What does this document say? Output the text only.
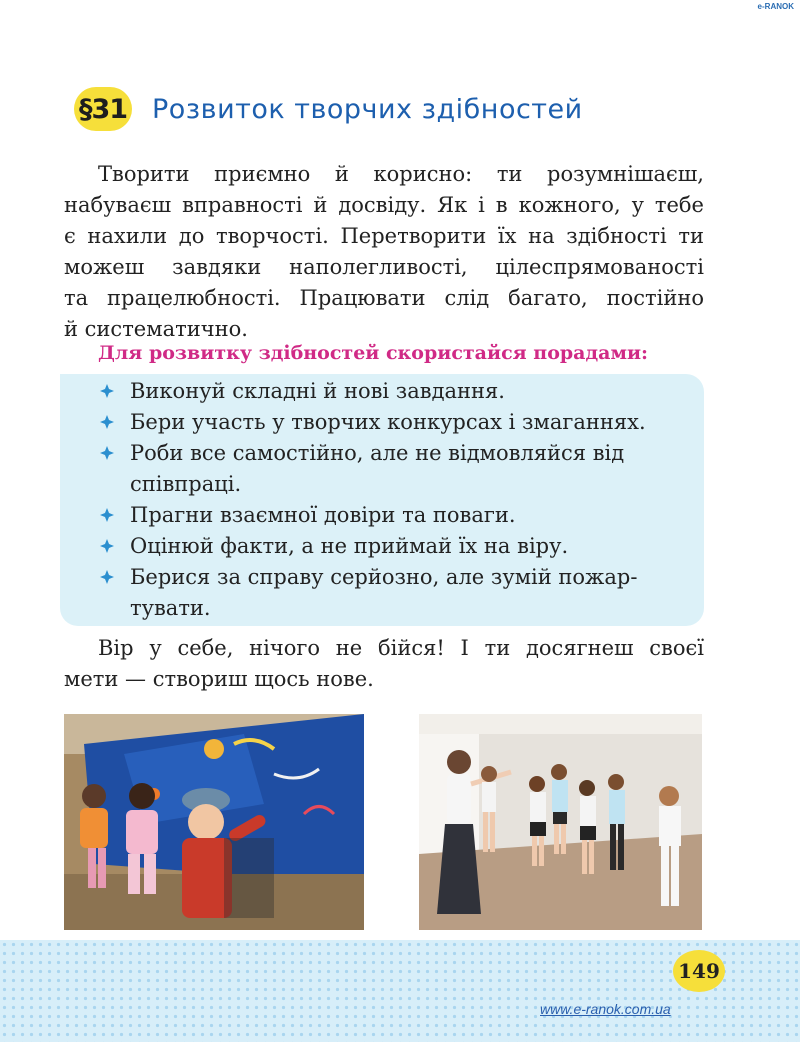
e-RANOK
§31 Розвиток творчих здібностей
Творити приємно й корисно: ти розумнішаєш,
набуваєш вправності й досвіду. Як і в кожного, у тебе
є нахили до творчості. Перетворити їх на здібності ти
можеш завдяки наполегливості, цілеспрямованості
та працелюбності. Працювати слід багато, постійно
й систематично.

Для розвитку здібностей скористайся порадами:

Виконуй складні й нові завдання.
Бери участь у творчих конкурсах і змаганнях.
Роби все самостійно, але не відмовляйся від
співпраці.
Прагни взаємної довіри та поваги.
Оцінюй факти, а не приймай їх на віру.
Берися за справу серйозно, але зумій пожар-
тувати.
Вір у себе, нічого не бійся! І ти досягнеш своєї
мети — створиш щось нове.
149
www.e-ranok.com.ua
